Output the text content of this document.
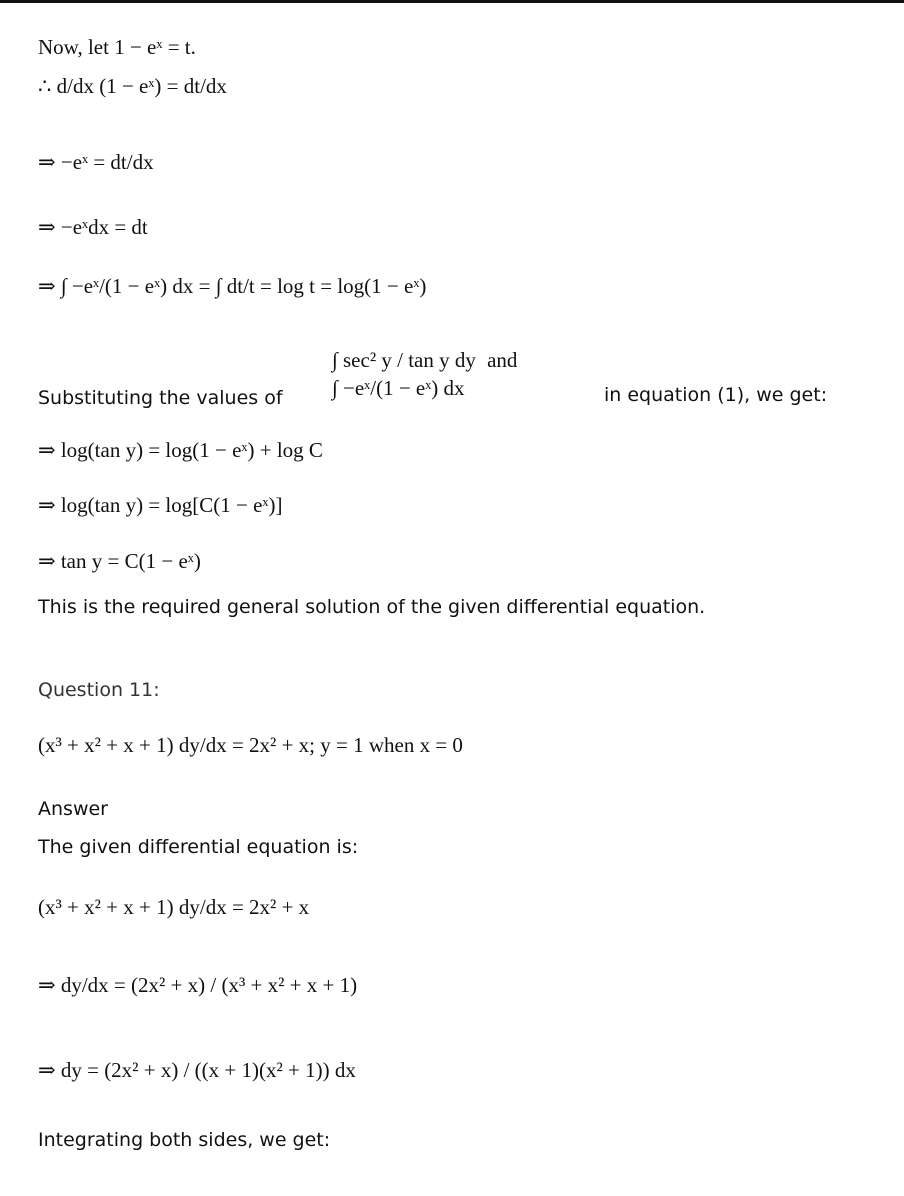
Now, let 1 − eˣ = t.
∴ d/dx (1 − eˣ) = dt/dx
⇒ −eˣ = dt/dx
⇒ −eˣdx = dt
⇒ ∫ −eˣ/(1 − eˣ) dx = ∫ dt/t = log t = log(1 − eˣ)
Substituting the values of
∫ sec² y / tan y dy and
∫ −eˣ/(1 − eˣ) dx	in equation (1), we get:
⇒ log(tan y) = log(1 − eˣ) + log C
⇒ log(tan y) = log[C(1 − eˣ)]
⇒ tan y = C(1 − eˣ)
This is the required general solution of the given differential equation.
Question 11:
(x³ + x² + x + 1) dy/dx = 2x² + x; y = 1 when x = 0
Answer
The given differential equation is:
(x³ + x² + x + 1) dy/dx = 2x² + x
⇒ dy/dx = (2x² + x) / (x³ + x² + x + 1)
⇒ dy = (2x² + x) / ((x + 1)(x² + 1)) dx
Integrating both sides, we get:
